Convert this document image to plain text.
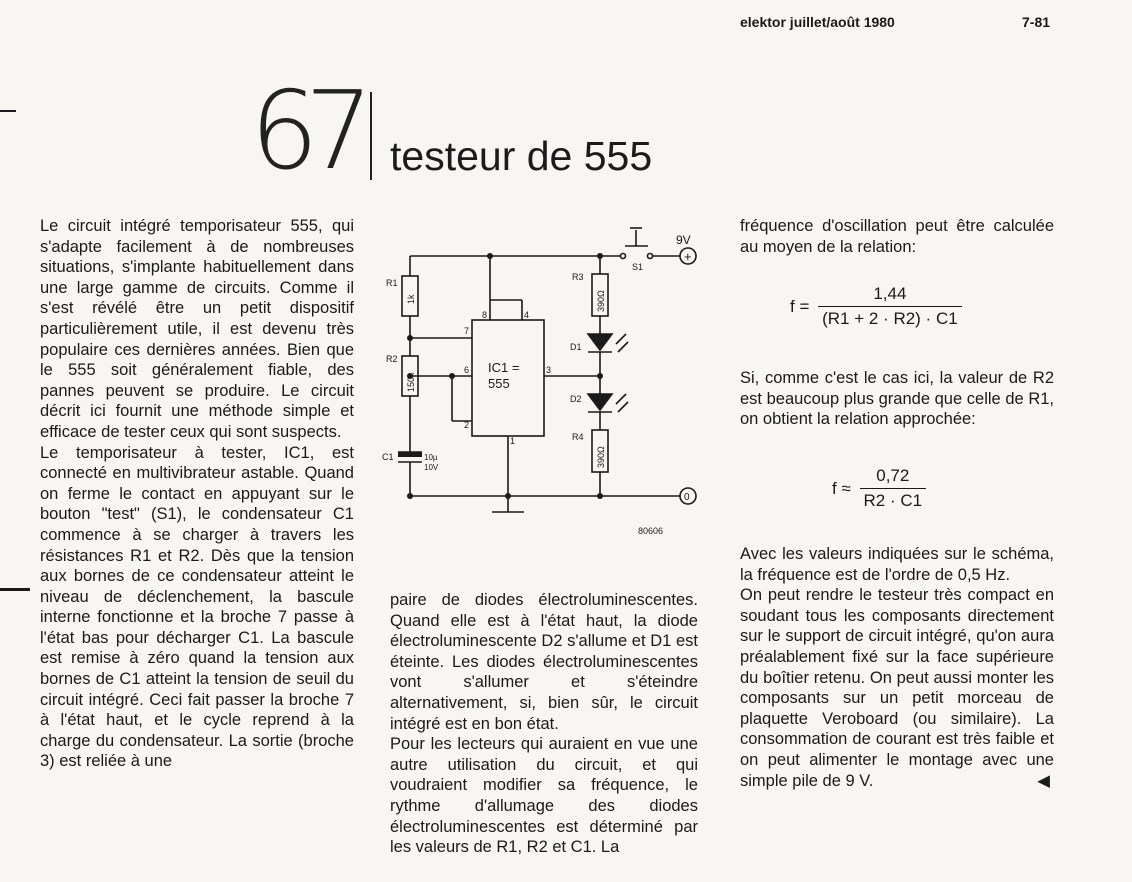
elektor juillet/août 1980	7-81
67 testeur de 555

Le circuit intégré temporisateur 555, qui s'adapte facilement à de nombreuses situations, s'implante habituellement dans une large gamme de circuits. Comme il s'est révélé être un petit dispositif particulièrement utile, il est devenu très populaire ces dernières années. Bien que le 555 soit généralement fiable, des pannes peuvent se produire. Le circuit décrit ici fournit une méthode simple et efficace de tester ceux qui sont suspects.

Le temporisateur à tester, IC1, est connecté en multivibrateur astable. Quand on ferme le contact en appuyant sur le bouton "test" (S1), le condensateur C1 commence à se charger à travers les résistances R1 et R2. Dès que la tension aux bornes de ce condensateur atteint le niveau de déclenchement, la bascule interne fonctionne et la broche 7 passe à l'état bas pour décharger C1. La bascule est remise à zéro quand la tension aux bornes de C1 atteint la tension de seuil du circuit intégré. Ceci fait passer la broche 7 à l'état haut, et le cycle reprend à la charge du condensateur. La sortie (broche 3) est reliée à une

9V
+
0
S1
R1
1k
R2
150k
R3
390Ω
R4
390Ω
C1	10µ
10V
D1
D2
IC1 =
555
8	4
7
6
2
3
1
80606

paire de diodes électroluminescentes. Quand elle est à l'état haut, la diode électroluminescente D2 s'allume et D1 est éteinte. Les diodes électroluminescentes vont s'allumer et s'éteindre alternativement, si, bien sûr, le circuit intégré est en bon état.

Pour les lecteurs qui auraient en vue une autre utilisation du circuit, et qui voudraient modifier sa fréquence, le rythme d'allumage des diodes électroluminescentes est déterminé par les valeurs de R1, R2 et C1. La

fréquence d'oscillation peut être calculée au moyen de la relation:

$f = \frac{1,44}{(R1 + 2 \cdot R2) \cdot C1}$

Si, comme c'est le cas ici, la valeur de R2 est beaucoup plus grande que celle de R1, on obtient la relation approchée:

$f \approx \frac{0,72}{R2 \cdot C1}$

Avec les valeurs indiquées sur le schéma, la fréquence est de l'ordre de 0,5 Hz.

On peut rendre le testeur très compact en soudant tous les composants directement sur le support de circuit intégré, qu'on aura préalablement fixé sur la face supérieure du boîtier retenu. On peut aussi monter les composants sur un petit morceau de plaquette Veroboard (ou similaire). La consommation de courant est très faible et on peut alimenter le montage avec une simple pile de 9 V.	◀
